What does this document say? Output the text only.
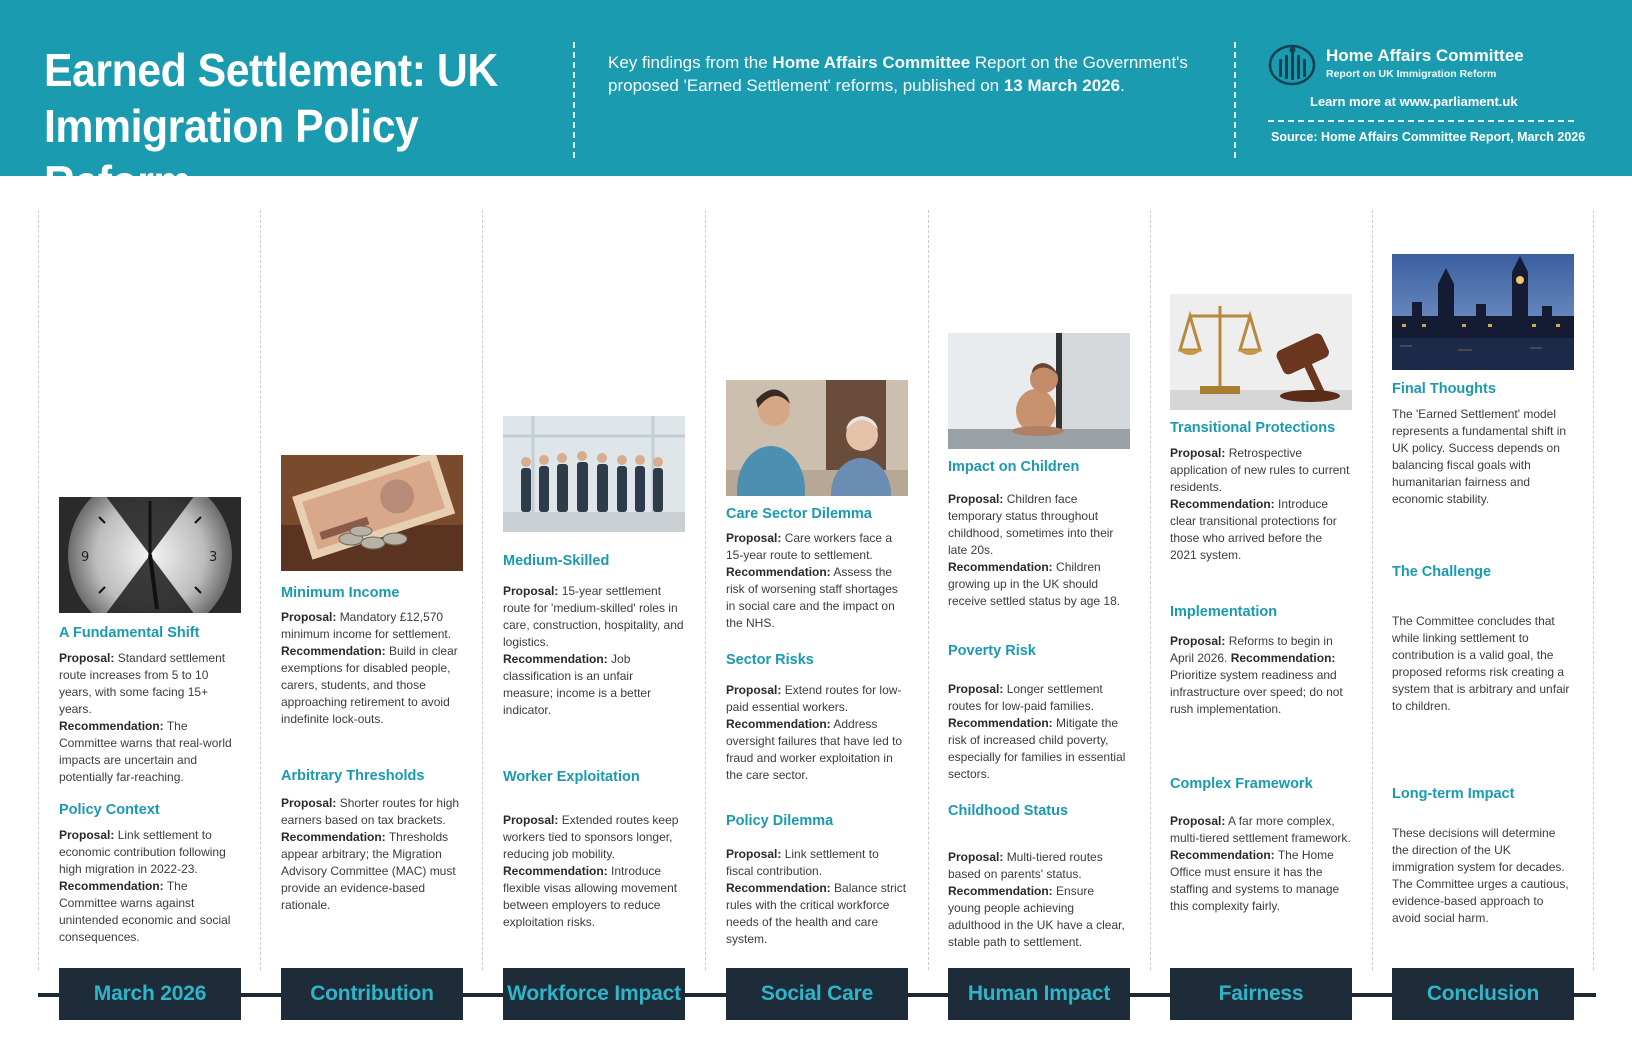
Earned Settlement: UK
Immigration Policy Reform
Key findings from the Home Affairs Committee Report on the Government's proposed 'Earned Settlement' reforms, published on 13 March 2026.
Home Affairs Committee
Report on UK Immigration Reform
Learn more at www.parliament.uk
Source: Home Affairs Committee Report, March 2026
9	3
A Fundamental Shift
Proposal: Standard settlement route increases from 5 to 10 years, with some facing 15+ years.
Recommendation: The Committee warns that real-world impacts are uncertain and potentially far-reaching.
Policy Context
Proposal: Link settlement to economic contribution following high migration in 2022-23. Recommendation: The Committee warns against unintended economic and social consequences.
March 2026
Minimum Income
Proposal: Mandatory £12,570 minimum income for settlement.
Recommendation: Build in clear exemptions for disabled people, carers, students, and those approaching retirement to avoid indefinite lock-outs.
Arbitrary Thresholds
Proposal: Shorter routes for high earners based on tax brackets. Recommendation: Thresholds appear arbitrary; the Migration Advisory Committee (MAC) must provide an evidence-based rationale.
Contribution
Medium-Skilled
Proposal: 15-year settlement route for 'medium-skilled' roles in care, construction, hospitality, and logistics.
Recommendation: Job classification is an unfair measure; income is a better indicator.
Worker Exploitation
Proposal: Extended routes keep workers tied to sponsors longer, reducing job mobility.
Recommendation: Introduce flexible visas allowing movement between employers to reduce exploitation risks.
Workforce Impact
Care Sector Dilemma
Proposal: Care workers face a 15-year route to settlement.
Recommendation: Assess the risk of worsening staff shortages in social care and the impact on the NHS.
Sector Risks
Proposal: Extend routes for low-paid essential workers.
Recommendation: Address oversight failures that have led to fraud and worker exploitation in the care sector.
Policy Dilemma
Proposal: Link settlement to fiscal contribution.
Recommendation: Balance strict rules with the critical workforce needs of the health and care system.
Social Care
Impact on Children
Proposal: Children face temporary status throughout childhood, sometimes into their late 20s.
Recommendation: Children growing up in the UK should receive settled status by age 18.
Poverty Risk
Proposal: Longer settlement routes for low-paid families.
Recommendation: Mitigate the risk of increased child poverty, especially for families in essential sectors.
Childhood Status
Proposal: Multi-tiered routes based on parents' status.
Recommendation: Ensure young people achieving adulthood in the UK have a clear, stable path to settlement.
Human Impact
Transitional Protections
Proposal: Retrospective application of new rules to current residents.
Recommendation: Introduce clear transitional protections for those who arrived before the 2021 system.
Implementation
Proposal: Reforms to begin in April 2026. Recommendation: Prioritize system readiness and infrastructure over speed; do not rush implementation.
Complex Framework
Proposal: A far more complex, multi-tiered settlement framework. Recommendation: The Home Office must ensure it has the staffing and systems to manage this complexity fairly.
Fairness
Final Thoughts
The 'Earned Settlement' model represents a fundamental shift in UK policy. Success depends on balancing fiscal goals with humanitarian fairness and economic stability.
The Challenge
The Committee concludes that while linking settlement to contribution is a valid goal, the proposed reforms risk creating a system that is arbitrary and unfair to children.
Long-term Impact
These decisions will determine the direction of the UK immigration system for decades. The Committee urges a cautious, evidence-based approach to avoid social harm.
Conclusion
